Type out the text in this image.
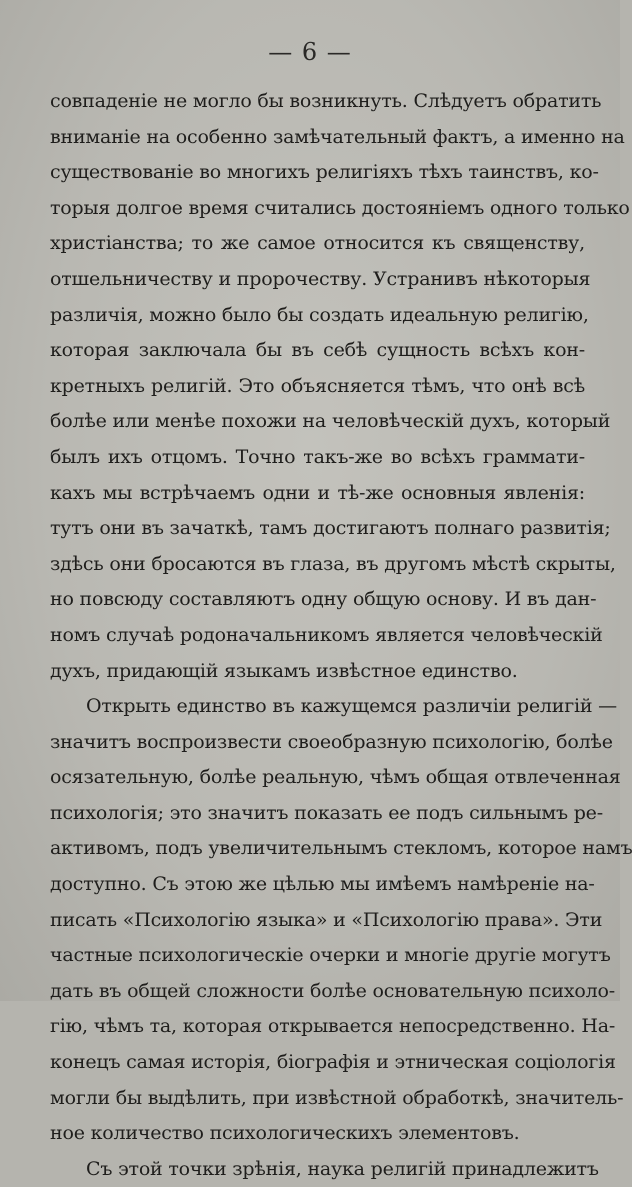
— 6 —
совпаденіе не могло бы возникнуть. Слѣдуетъ обратить
вниманіе на особенно замѣчательный фактъ, а именно на
существованіе во многихъ религіяхъ тѣхъ таинствъ, ко-
торыя долгое время считались достояніемъ одного только
христіанства; то же самое относится къ священству,
отшельничеству и пророчеству. Устранивъ нѣкоторыя
различія, можно было бы создать идеальную религію,
которая заключала бы въ себѣ сущность всѣхъ кон-
кретныхъ религій. Это объясняется тѣмъ, что онѣ всѣ
болѣе или менѣе похожи на человѣческій духъ, который
былъ ихъ отцомъ. Точно такъ-же во всѣхъ граммати-
кахъ мы встрѣчаемъ одни и тѣ-же основныя явленія:
тутъ они въ зачаткѣ, тамъ достигаютъ полнаго развитія;
здѣсь они бросаются въ глаза, въ другомъ мѣстѣ скрыты,
но повсюду составляютъ одну общую основу. И въ дан-
номъ случаѣ родоначальникомъ является человѣческій
духъ, придающій языкамъ извѣстное единство.
Открыть единство въ кажущемся различіи религій —
значитъ воспроизвести своеобразную психологію, болѣе
осязательную, болѣе реальную, чѣмъ общая отвлеченная
психологія; это значитъ показать ее подъ сильнымъ ре-
активомъ, подъ увеличительнымъ стекломъ, которое намъ
доступно. Съ этою же цѣлью мы имѣемъ намѣреніе на-
писать «Психологію языка» и «Психологію права». Эти
частные психологическіе очерки и многіе другіе могутъ
дать въ общей сложности болѣе основательную психоло-
гію, чѣмъ та, которая открывается непосредственно. На-
конецъ самая исторія, біографія и этническая соціологія
могли бы выдѣлить, при извѣстной обработкѣ, значитель-
ное количество психологическихъ элементовъ.
Съ этой точки зрѣнія, наука религій принадлежитъ
